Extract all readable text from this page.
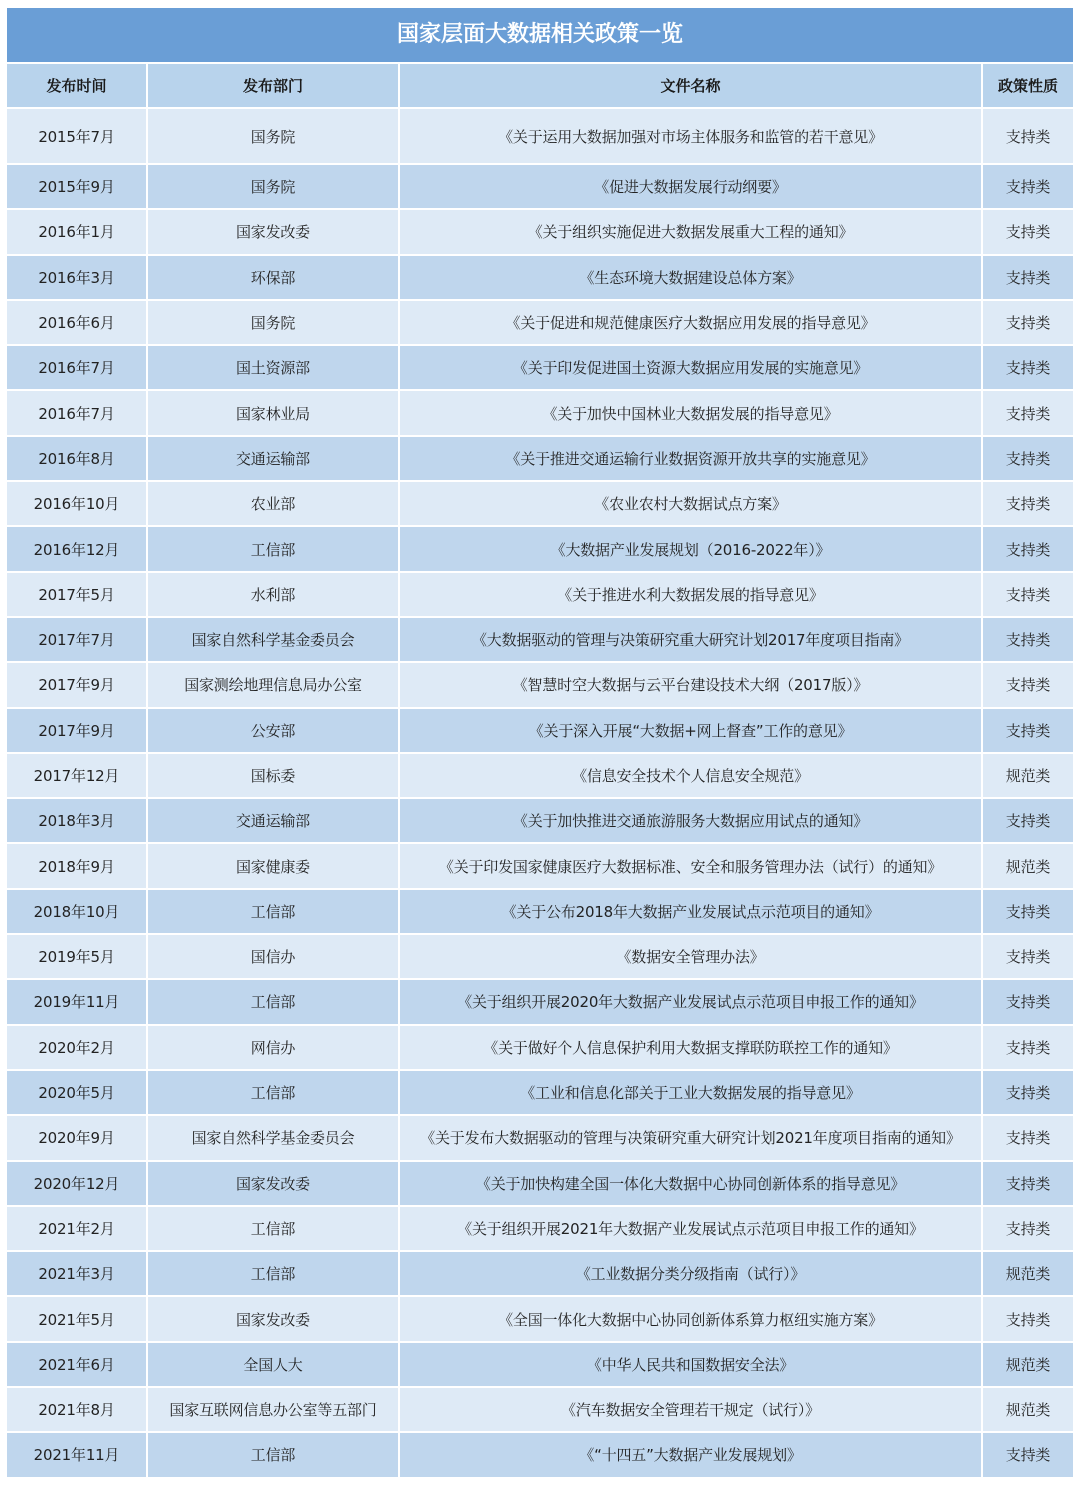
国家层面大数据相关政策一览
发布时间	发布部门	文件名称	政策性质
2015年7月	国务院	《关于运用大数据加强对市场主体服务和监管的若干意见》	支持类
2015年9月	国务院	《促进大数据发展行动纲要》	支持类
2016年1月	国家发改委	《关于组织实施促进大数据发展重大工程的通知》	支持类
2016年3月	环保部	《生态环境大数据建设总体方案》	支持类
2016年6月	国务院	《关于促进和规范健康医疗大数据应用发展的指导意见》	支持类
2016年7月	国土资源部	《关于印发促进国土资源大数据应用发展的实施意见》	支持类
2016年7月	国家林业局	《关于加快中国林业大数据发展的指导意见》	支持类
2016年8月	交通运输部	《关于推进交通运输行业数据资源开放共享的实施意见》	支持类
2016年10月	农业部	《农业农村大数据试点方案》	支持类
2016年12月	工信部	《大数据产业发展规划（2016-2022年）》	支持类
2017年5月	水利部	《关于推进水利大数据发展的指导意见》	支持类
2017年7月	国家自然科学基金委员会	《大数据驱动的管理与决策研究重大研究计划2017年度项目指南》	支持类
2017年9月	国家测绘地理信息局办公室	《智慧时空大数据与云平台建设技术大纲（2017版）》	支持类
2017年9月	公安部	《关于深入开展“大数据+网上督查”工作的意见》	支持类
2017年12月	国标委	《信息安全技术个人信息安全规范》	规范类
2018年3月	交通运输部	《关于加快推进交通旅游服务大数据应用试点的通知》	支持类
2018年9月	国家健康委	《关于印发国家健康医疗大数据标准、安全和服务管理办法（试行）的通知》	规范类
2018年10月	工信部	《关于公布2018年大数据产业发展试点示范项目的通知》	支持类
2019年5月	国信办	《数据安全管理办法》	支持类
2019年11月	工信部	《关于组织开展2020年大数据产业发展试点示范项目申报工作的通知》	支持类
2020年2月	网信办	《关于做好个人信息保护利用大数据支撑联防联控工作的通知》	支持类
2020年5月	工信部	《工业和信息化部关于工业大数据发展的指导意见》	支持类
2020年9月	国家自然科学基金委员会	《关于发布大数据驱动的管理与决策研究重大研究计划2021年度项目指南的通知》	支持类
2020年12月	国家发改委	《关于加快构建全国一体化大数据中心协同创新体系的指导意见》	支持类
2021年2月	工信部	《关于组织开展2021年大数据产业发展试点示范项目申报工作的通知》	支持类
2021年3月	工信部	《工业数据分类分级指南（试行）》	规范类
2021年5月	国家发改委	《全国一体化大数据中心协同创新体系算力枢纽实施方案》	支持类
2021年6月	全国人大	《中华人民共和国数据安全法》	规范类
2021年8月	国家互联网信息办公室等五部门	《汽车数据安全管理若干规定（试行）》	规范类
2021年11月	工信部	《“十四五”大数据产业发展规划》	支持类
